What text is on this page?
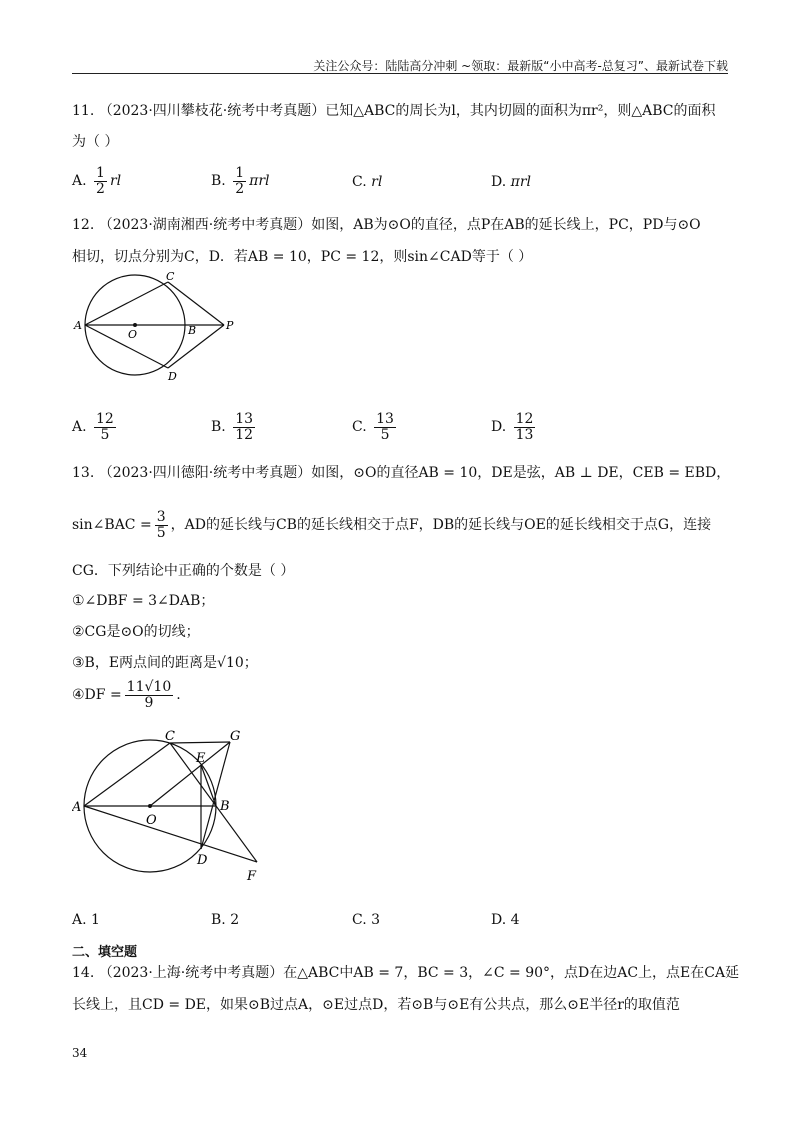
关注公众号：陆陆高分冲刺 ~领取：最新版“小中高考-总复习”、最新试卷下载
11. （2023·四川攀枝花·统考中考真题）已知△ABC的周长为l，其内切圆的面积为πr²，则△ABC的面积
为（ ）
A. $\frac{1}{2}$ rl	B. $\frac{1}{2}$ πrl	C. rl	D. πrl
12. （2023·湖南湘西·统考中考真题）如图，AB为⊙O的直径，点P在AB的延长线上，PC，PD与⊙O
相切，切点分别为C，D．若AB = 10，PC = 12，则sin∠CAD等于（ ）
A
O	B	P
C
D
A. $\frac{12}{5}$	B. $\frac{13}{12}$	C. $\frac{13}{5}$	D. $\frac{12}{13}$
13. （2023·四川德阳·统考中考真题）如图，⊙O的直径AB = 10，DE是弦，AB ⊥ DE，CEB = EBD，
sin∠BAC = $\frac{3}{5}$ ，AD的延长线与CB的延长线相交于点F，DB的延长线与OE的延长线相交于点G，连接
CG．下列结论中正确的个数是（ ）
①∠DBF = 3∠DAB；
②CG是⊙O的切线；
③B，E两点间的距离是√10；
④DF = $\frac{11√10}{9}$ .
A
O
B
C	G
E
D
F
A. 1	B. 2	C. 3	D. 4
二、填空题
14. （2023·上海·统考中考真题）在△ABC中AB = 7，BC = 3，∠C = 90°，点D在边AC上，点E在CA延
长线上，且CD = DE，如果⊙B过点A，⊙E过点D，若⊙B与⊙E有公共点，那么⊙E半径r的取值范
34
